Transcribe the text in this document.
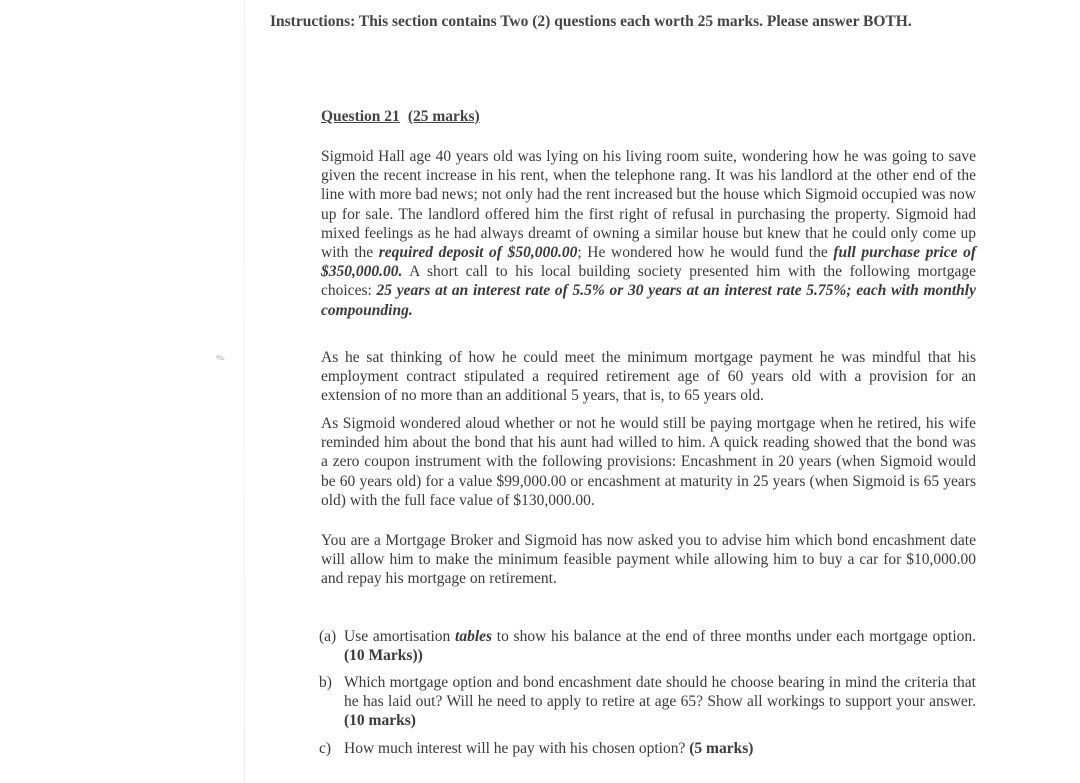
✎
Instructions: This section contains Two (2) questions each worth 25 marks. Please answer BOTH.
Question 21 (25 marks)

Sigmoid Hall age 40 years old was lying on his living room suite, wondering how he was going to save given the recent increase in his rent, when the telephone rang. It was his landlord at the other end of the line with more bad news; not only had the rent increased but the house which Sigmoid occupied was now up for sale. The landlord offered him the first right of refusal in purchasing the property. Sigmoid had mixed feelings as he had always dreamt of owning a similar house but knew that he could only come up with the required deposit of $50,000.00; He wondered how he would fund the full purchase price of $350,000.00. A short call to his local building society presented him with the following mortgage choices: 25 years at an interest rate of 5.5% or 30 years at an interest rate 5.75%; each with monthly compounding.

As he sat thinking of how he could meet the minimum mortgage payment he was mindful that his employment contract stipulated a required retirement age of 60 years old with a provision for an extension of no more than an additional 5 years, that is, to 65 years old.

As Sigmoid wondered aloud whether or not he would still be paying mortgage when he retired, his wife reminded him about the bond that his aunt had willed to him. A quick reading showed that the bond was a zero coupon instrument with the following provisions: Encashment in 20 years (when Sigmoid would be 60 years old) for a value $99,000.00 or encashment at maturity in 25 years (when Sigmoid is 65 years old) with the full face value of $130,000.00.

You are a Mortgage Broker and Sigmoid has now asked you to advise him which bond encashment date will allow him to make the minimum feasible payment while allowing him to buy a car for $10,000.00 and repay his mortgage on retirement.

(a) Use amortisation tables to show his balance at the end of three months under each mortgage option. (10 Marks))
b) Which mortgage option and bond encashment date should he choose bearing in mind the criteria that he has laid out? Will he need to apply to retire at age 65? Show all workings to support your answer. (10 marks)
c) How much interest will he pay with his chosen option? (5 marks)
